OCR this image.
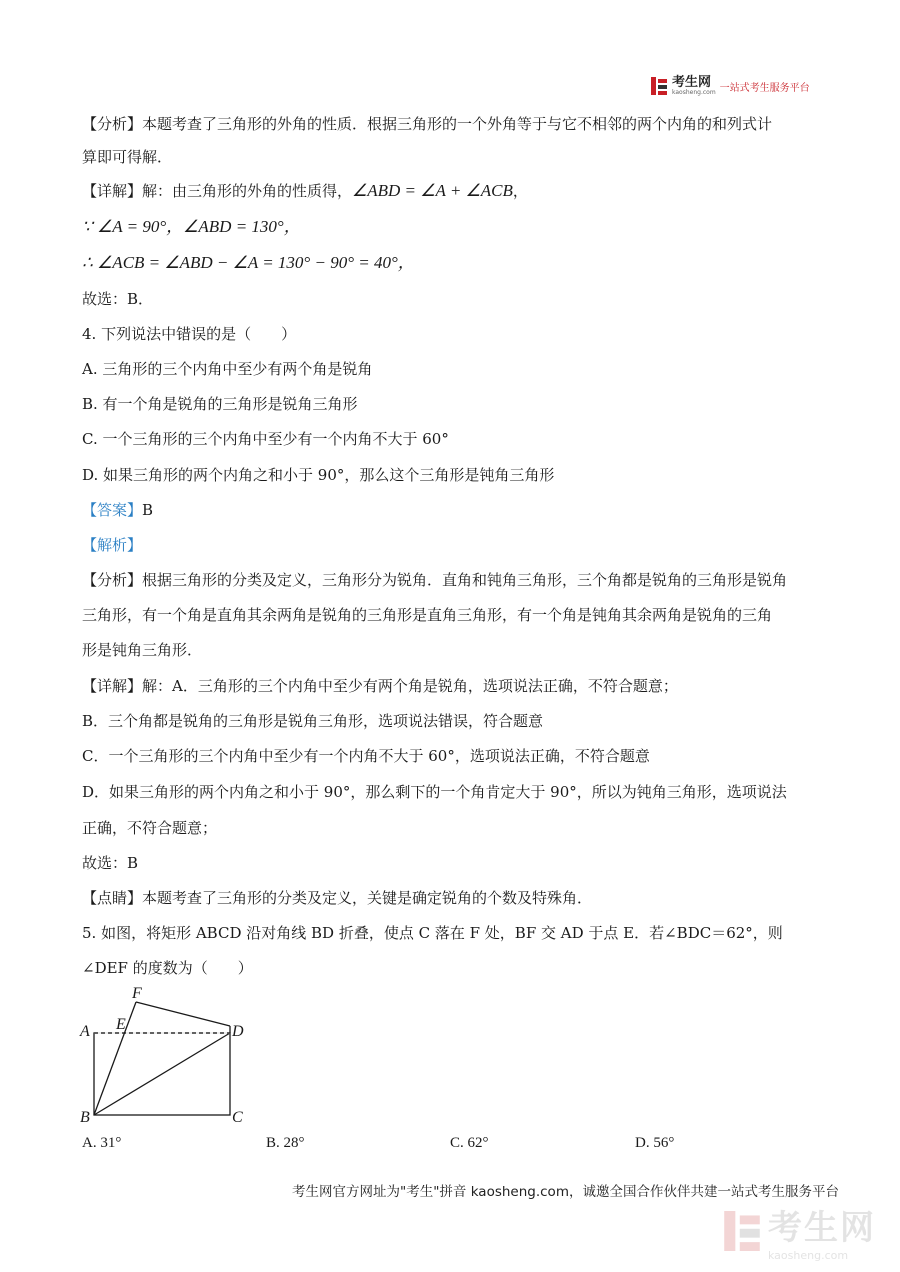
考生网
kaosheng.com 一站式考生服务平台
【分析】本题考查了三角形的外角的性质．根据三角形的一个外角等于与它不相邻的两个内角的和列式计
算即可得解．
【详解】解：由三角形的外角的性质得，∠ABD = ∠A + ∠ACB，
∵ ∠A = 90°，∠ABD = 130°，
∴ ∠ACB = ∠ABD − ∠A = 130° − 90° = 40°，
故选：B．
4. 下列说法中错误的是（　　）
A. 三角形的三个内角中至少有两个角是锐角
B. 有一个角是锐角的三角形是锐角三角形
C. 一个三角形的三个内角中至少有一个内角不大于 60°
D. 如果三角形的两个内角之和小于 90°，那么这个三角形是钝角三角形
【答案】B
【解析】
【分析】根据三角形的分类及定义，三角形分为锐角．直角和钝角三角形，三个角都是锐角的三角形是锐角
三角形，有一个角是直角其余两角是锐角的三角形是直角三角形，有一个角是钝角其余两角是锐角的三角
形是钝角三角形．
【详解】解：A．三角形的三个内角中至少有两个角是锐角，选项说法正确，不符合题意；
B．三个角都是锐角的三角形是锐角三角形，选项说法错误，符合题意
C．一个三角形的三个内角中至少有一个内角不大于 60°，选项说法正确，不符合题意
D．如果三角形的两个内角之和小于 90°，那么剩下的一个角肯定大于 90°，所以为钝角三角形，选项说法
正确，不符合题意；
故选：B
【点睛】本题考查了三角形的分类及定义，关键是确定锐角的个数及特殊角．
5. 如图，将矩形 ABCD 沿对角线 BD 折叠，使点 C 落在 F 处，BF 交 AD 于点 E．若∠BDC＝62°，则
∠DEF 的度数为（　　）
F
E
A	D
B	C
A. 31°	B. 28°	C. 62°	D. 56°
考生网官方网址为"考生"拼音 kaosheng.com，诚邀全国合作伙伴共建一站式考生服务平台
考生网
kaosheng.com
